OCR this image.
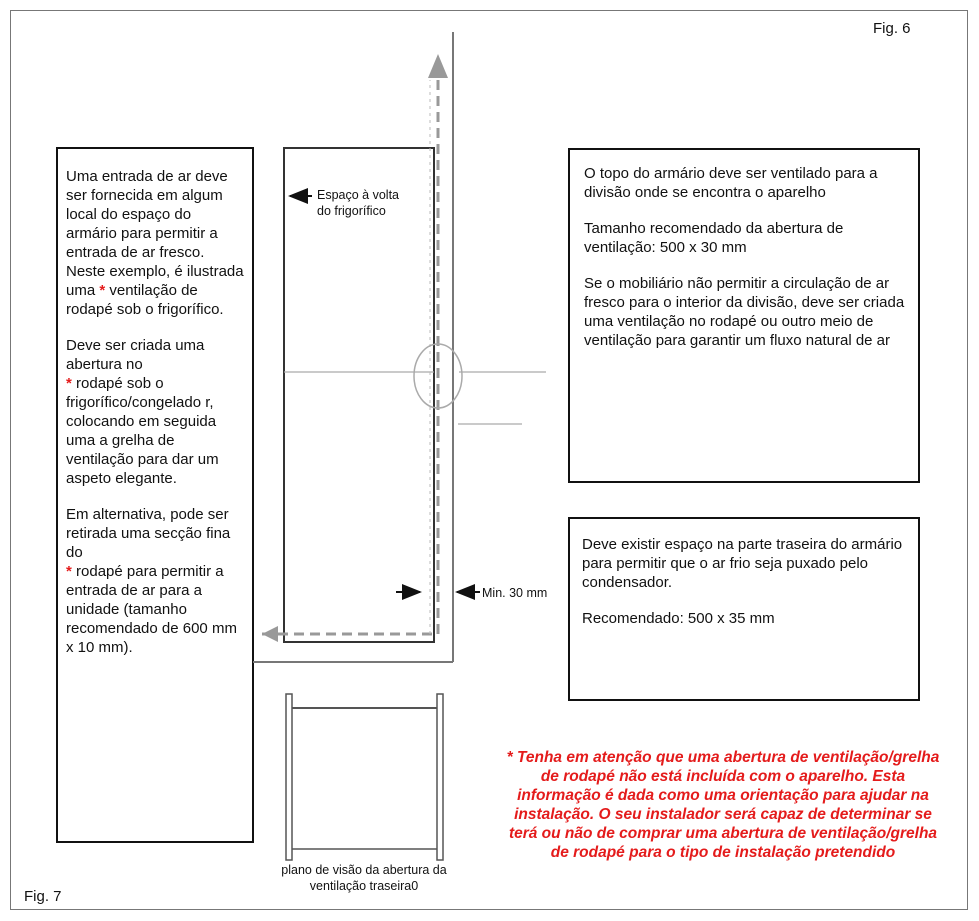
Fig. 6
Fig. 7

Uma entrada de ar deve ser fornecida em algum local do espaço do armário para permitir a entrada de ar fresco. Neste exemplo, é ilustrada uma * ventilação de rodapé sob o frigorífico.

Deve ser criada uma abertura no
* rodapé sob o frigorífico/congelado r, colocando em seguida uma a grelha de ventilação para dar um aspeto elegante.

Em alternativa, pode ser retirada uma secção fina do
* rodapé para permitir a entrada de ar para a unidade (tamanho recomendado de 600 mm x 10 mm).

O topo do armário deve ser ventilado para a divisão onde se encontra o aparelho

Tamanho recomendado da abertura de ventilação: 500 x 30 mm

Se o mobiliário não permitir a circulação de ar fresco para o interior da divisão, deve ser criada uma ventilação no rodapé ou outro meio de ventilação para garantir um fluxo natural de ar

Deve existir espaço na parte traseira do armário para permitir que o ar frio seja puxado pelo condensador.

Recomendado: 500 x 35 mm

Espaço à volta do frigorífico
Min. 30 mm
plano de visão da abertura da ventilação traseira0
* Tenha em atenção que uma abertura de ventilação/grelha de rodapé não está incluída com o aparelho. Esta informação é dada como uma orientação para ajudar na instalação. O seu instalador será capaz de determinar se terá ou não de comprar uma abertura de ventilação/grelha de rodapé para o tipo de instalação pretendido
